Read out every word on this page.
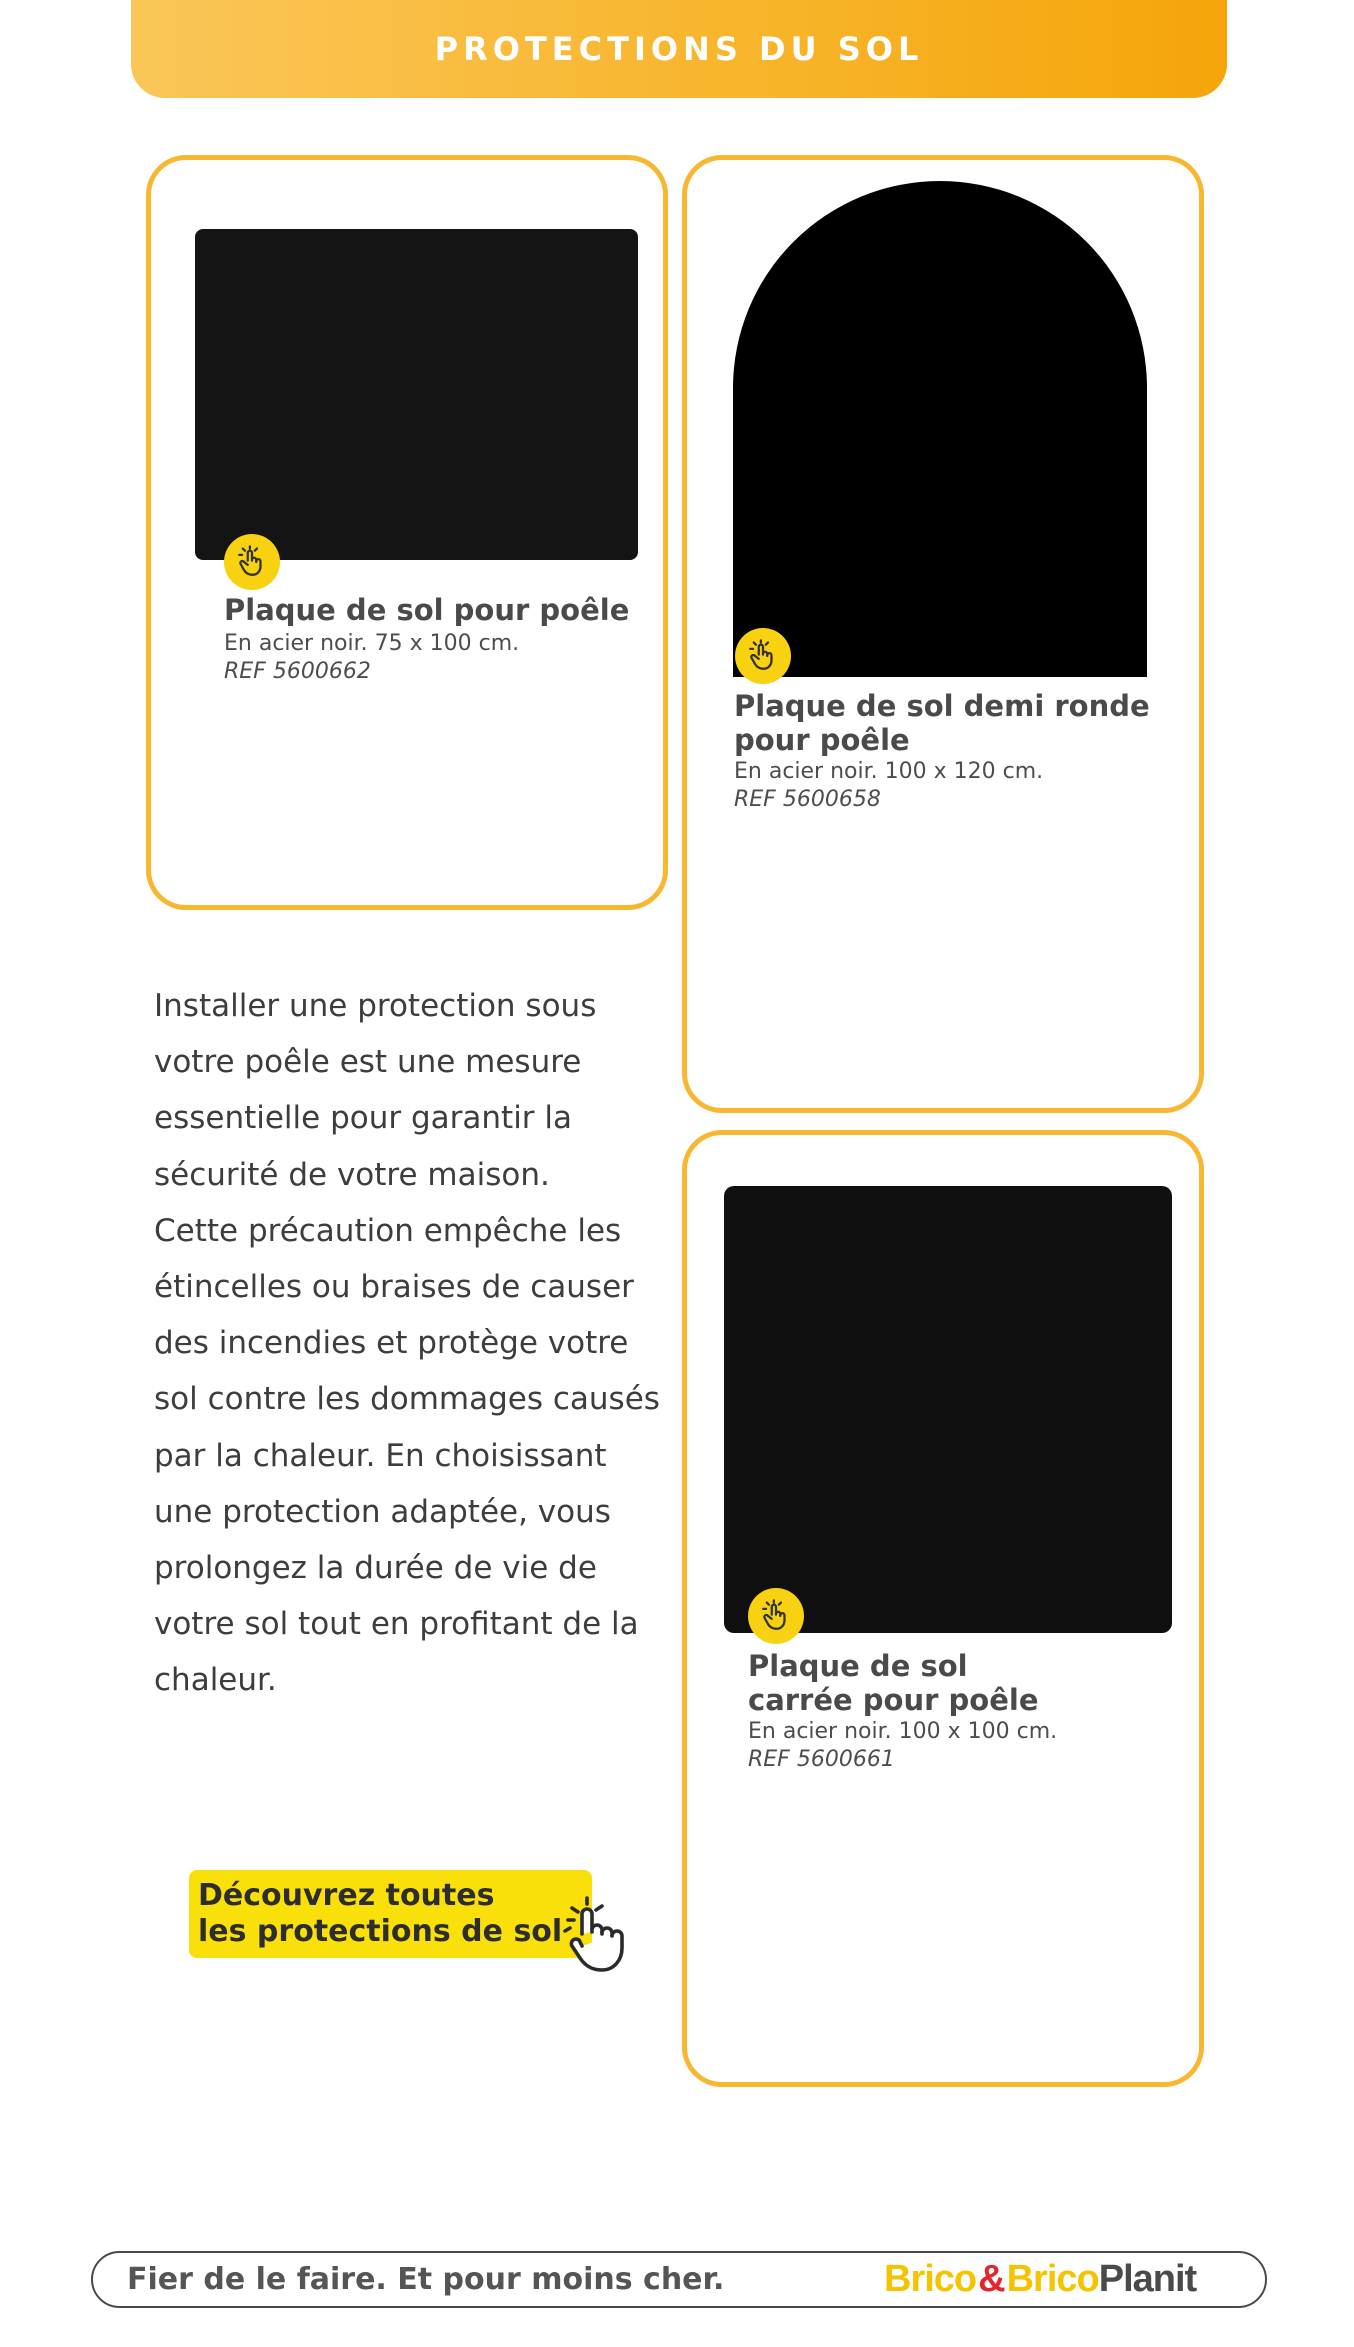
PROTECTIONS DU SOL
Plaque de sol pour poêle
En acier noir. 75 x 100 cm.
REF 5600662
Plaque de sol demi ronde
pour poêle
En acier noir. 100 x 120 cm.
REF 5600658
Plaque de sol
carrée pour poêle
En acier noir. 100 x 100 cm.
REF 5600661
Installer une protection sous
votre poêle est une mesure
essentielle pour garantir la
sécurité de votre maison.
Cette précaution empêche les
étincelles ou braises de causer
des incendies et protège votre
sol contre les dommages causés
par la chaleur. En choisissant
une protection adaptée, vous
prolongez la durée de vie de
votre sol tout en profitant de la
chaleur.
Découvrez toutes
les protections de sol
Fier de le faire. Et pour moins cher.	Brico & Brico Planit
